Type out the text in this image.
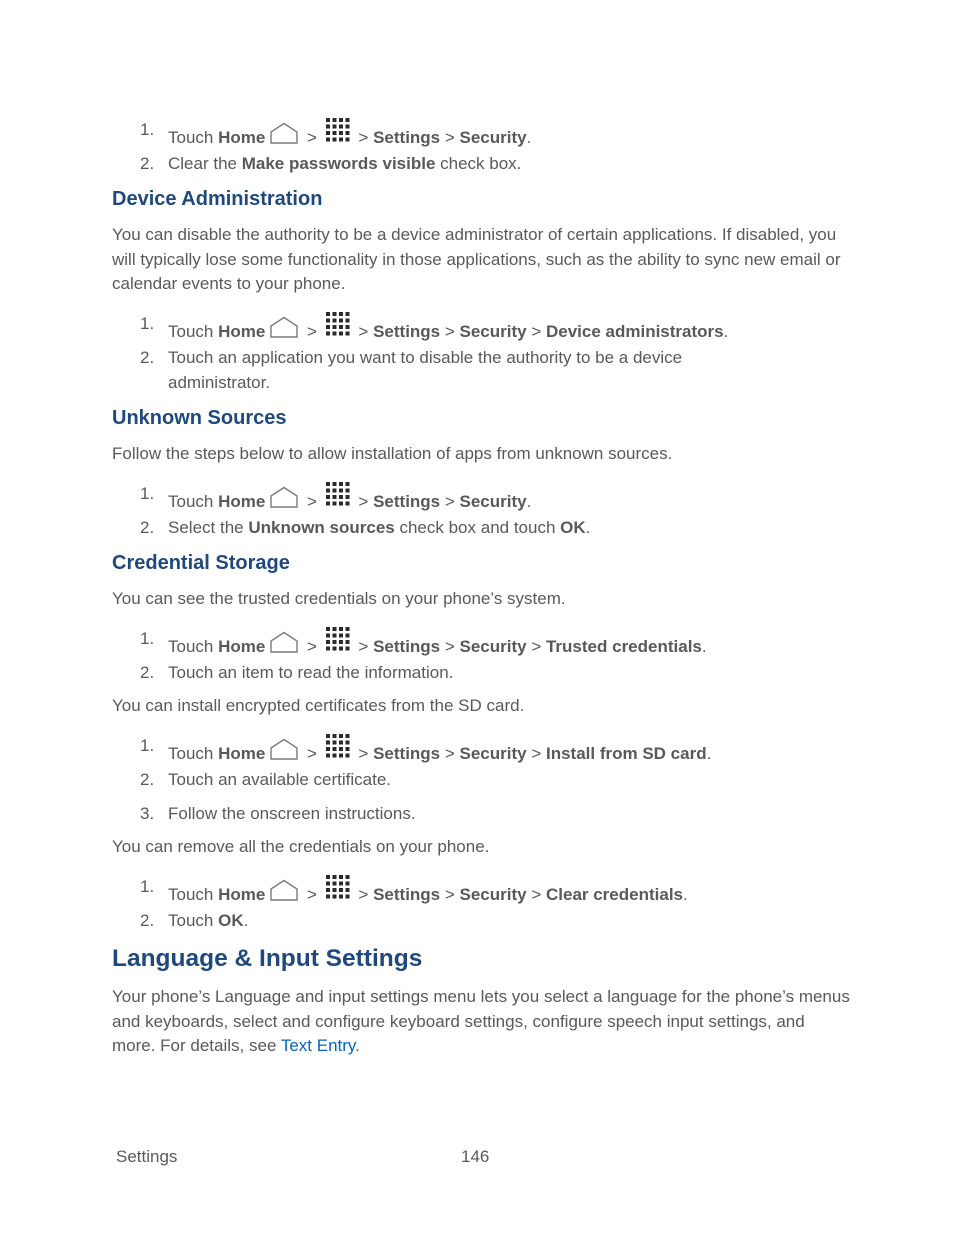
1. Touch Home >  > Settings > Security.
2. Clear the Make passwords visible check box.
Device Administration
You can disable the authority to be a device administrator of certain applications. If disabled, you will typically lose some functionality in those applications, such as the ability to sync new email or calendar events to your phone.
1. Touch Home >  > Settings > Security > Device administrators.
2. Touch an application you want to disable the authority to be a device administrator.
Unknown Sources
Follow the steps below to allow installation of apps from unknown sources.
1. Touch Home >  > Settings > Security.
2. Select the Unknown sources check box and touch OK.
Credential Storage
You can see the trusted credentials on your phone’s system.
1. Touch Home >  > Settings > Security > Trusted credentials.
2. Touch an item to read the information.
You can install encrypted certificates from the SD card.
1. Touch Home >  > Settings > Security > Install from SD card.
2. Touch an available certificate.
3. Follow the onscreen instructions.
You can remove all the credentials on your phone.
1. Touch Home >  > Settings > Security > Clear credentials.
2. Touch OK.
Language & Input Settings
Your phone’s Language and input settings menu lets you select a language for the phone’s menus and keyboards, select and configure keyboard settings, configure speech input settings, and more. For details, see Text Entry.
Settings	146
